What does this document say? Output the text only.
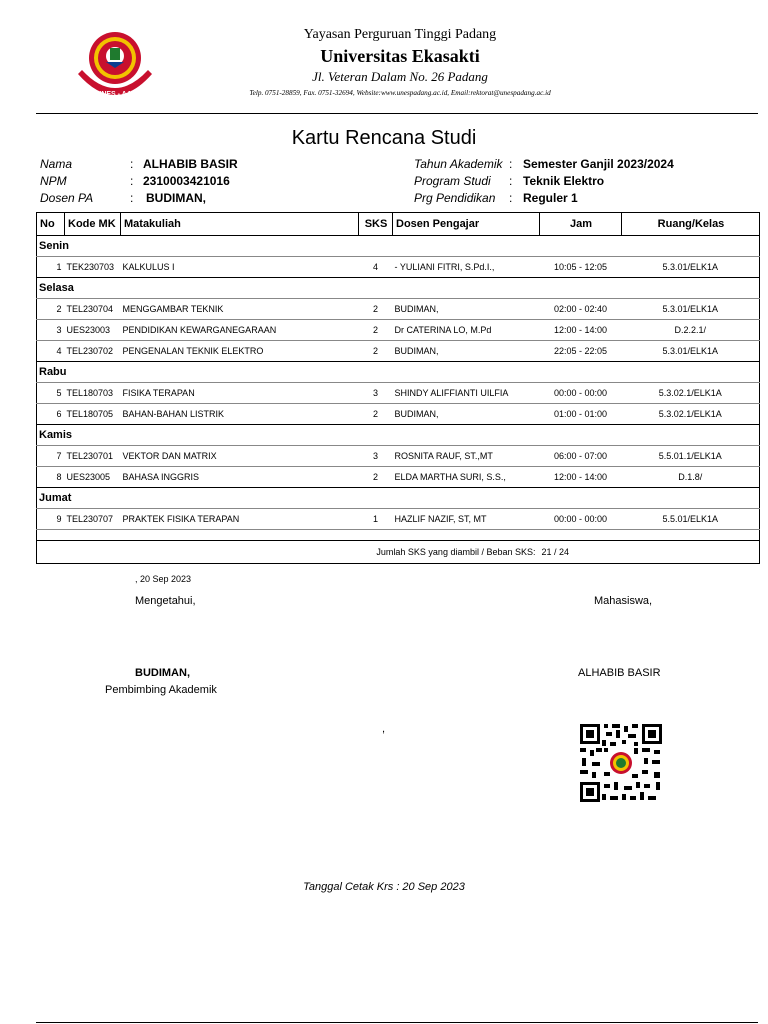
UNES - AAI
Yayasan Perguruan Tinggi Padang
Universitas Ekasakti
Jl. Veteran Dalam No. 26 Padang
Telp. 0751-28859, Fax. 0751-32694, Website:www.unespadang.ac.id, Email:rektorat@unespadang.ac.id
Kartu Rencana Studi
Nama	: ALHABIB BASIR
NPM	: 2310003421016
Dosen PA	: BUDIMAN,
Tahun Akademik : Semester Ganjil 2023/2024
Program Studi : Teknik Elektro
Prg Pendidikan : Reguler 1
No	Kode MK	Matakuliah	SKS	Dosen Pengajar	Jam	Ruang/Kelas
Senin						
1	TEK230703	KALKULUS I	4	- YULIANI FITRI, S.Pd.I.,	10:05 - 12:05	5.3.01/ELK1A
Selasa						
2	TEL230704	MENGGAMBAR TEKNIK	2	BUDIMAN,	02:00 - 02:40	5.3.01/ELK1A
3	UES23003	PENDIDIKAN KEWARGANEGARAAN	2	Dr CATERINA LO, M.Pd	12:00 - 14:00	D.2.2.1/
4	TEL230702	PENGENALAN TEKNIK ELEKTRO	2	BUDIMAN,	22:05 - 22:05	5.3.01/ELK1A
Rabu						
5	TEL180703	FISIKA TERAPAN	3	SHINDY ALIFFIANTI UILFIA	00:00 - 00:00	5.3.02.1/ELK1A
6	TEL180705	BAHAN-BAHAN LISTRIK	2	BUDIMAN,	01:00 - 01:00	5.3.02.1/ELK1A
Kamis						
7	TEL230701	VEKTOR DAN MATRIX	3	ROSNITA RAUF, ST.,MT	06:00 - 07:00	5.5.01.1/ELK1A
8	UES23005	BAHASA INGGRIS	2	ELDA MARTHA SURI, S.S.,	12:00 - 14:00	D.1.8/
Jumat						
9	TEL230707	PRAKTEK FISIKA TERAPAN	1	HAZLIF NAZIF, ST, MT	00:00 - 00:00	5.5.01/ELK1A

Jumlah SKS yang diambil / Beban SKS:					21 / 24	
, 20 Sep 2023
Mengetahui,	Mahasiswa,
BUDIMAN,
Pembimbing Akademik
ALHABIB BASIR
,
Tanggal Cetak Krs : 20 Sep 2023
